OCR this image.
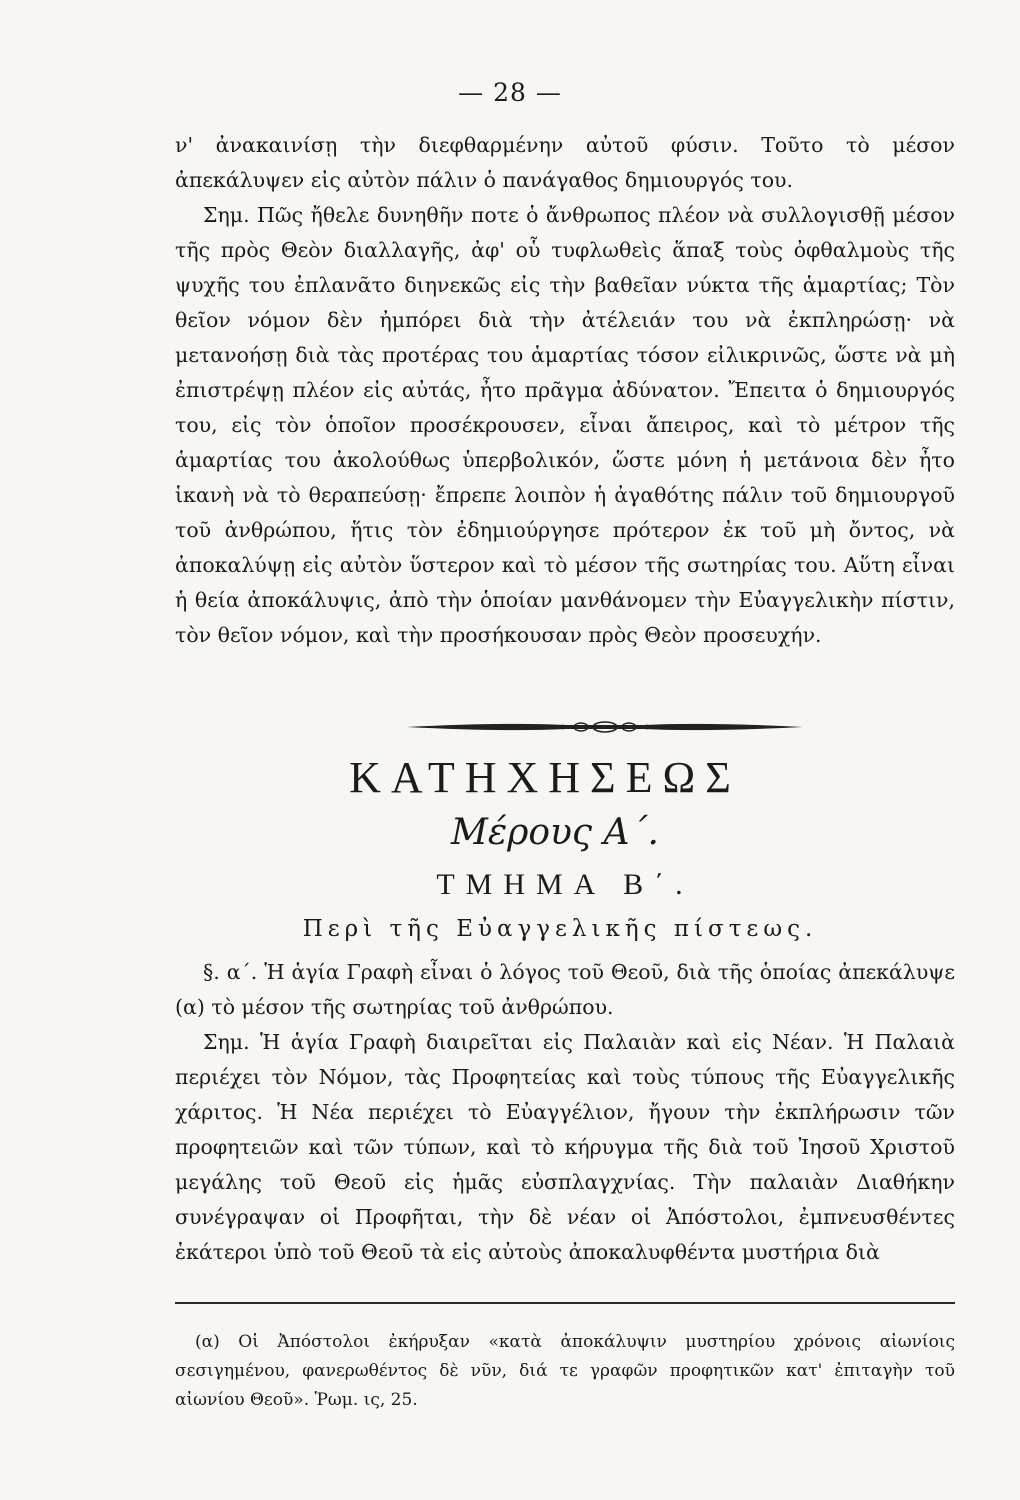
— 28 —

ν' ἀνακαινίσῃ τὴν διεφθαρμένην αὐτοῦ φύσιν. Τοῦτο τὸ μέσον ἀπεκάλυψεν εἰς αὐτὸν πάλιν ὁ πανάγαθος δημιουργός του.

Σημ. Πῶς ἤθελε δυνηθῆν ποτε ὁ ἄνθρωπος πλέον νὰ συλλογισθῇ μέσον τῆς πρὸς Θεὸν διαλλαγῆς, ἀφ' οὗ τυφλωθεὶς ἅπαξ τοὺς ὀφθαλμοὺς τῆς ψυχῆς του ἐπλανᾶτο διηνεκῶς εἰς τὴν βαθεῖαν νύκτα τῆς ἁμαρτίας; Τὸν θεῖον νόμον δὲν ἠμπόρει διὰ τὴν ἀτέλειάν του νὰ ἐκπληρώσῃ· νὰ μετανοήσῃ διὰ τὰς προτέρας του ἁμαρτίας τόσον εἰλικρινῶς, ὥστε νὰ μὴ ἐπιστρέψῃ πλέον εἰς αὐτάς, ἦτο πρᾶγμα ἀδύνατον. Ἔπειτα ὁ δημιουργός του, εἰς τὸν ὁποῖον προσέκρουσεν, εἶναι ἄπειρος, καὶ τὸ μέτρον τῆς ἁμαρτίας του ἀκολούθως ὑπερβολικόν, ὥστε μόνη ἡ μετάνοια δὲν ἦτο ἱκανὴ νὰ τὸ θεραπεύσῃ· ἔπρεπε λοιπὸν ἡ ἀγαθότης πάλιν τοῦ δημιουργοῦ τοῦ ἀνθρώπου, ἥτις τὸν ἐδημιούργησε πρότερον ἐκ τοῦ μὴ ὄντος, νὰ ἀποκαλύψῃ εἰς αὐτὸν ὕστερον καὶ τὸ μέσον τῆς σωτηρίας του. Αὕτη εἶναι ἡ θεία ἀποκάλυψις, ἀπὸ τὴν ὁποίαν μανθάνομεν τὴν Εὐαγγελικὴν πίστιν, τὸν θεῖον νόμον, καὶ τὴν προσήκουσαν πρὸς Θεὸν προσευχήν.

ΚΑΤΗΧΗΣΕΩΣ
Μέρους Α΄.
ΤΜΗΜΑ Β΄.
Περὶ τῆς Εὐαγγελικῆς πίστεως.

§. α΄. Ἡ ἁγία Γραφὴ εἶναι ὁ λόγος τοῦ Θεοῦ, διὰ τῆς ὁποίας ἀπεκάλυψε (α) τὸ μέσον τῆς σωτηρίας τοῦ ἀνθρώπου.

Σημ. Ἡ ἁγία Γραφὴ διαιρεῖται εἰς Παλαιὰν καὶ εἰς Νέαν. Ἡ Παλαιὰ περιέχει τὸν Νόμον, τὰς Προφητείας καὶ τοὺς τύπους τῆς Εὐαγγελικῆς χάριτος. Ἡ Νέα περιέχει τὸ Εὐαγγέλιον, ἤγουν τὴν ἐκπλήρωσιν τῶν προφητειῶν καὶ τῶν τύπων, καὶ τὸ κήρυγμα τῆς διὰ τοῦ Ἰησοῦ Χριστοῦ μεγάλης τοῦ Θεοῦ εἰς ἡμᾶς εὐσπλαγχνίας. Τὴν παλαιὰν Διαθήκην συνέγραψαν οἱ Προφῆται, τὴν δὲ νέαν οἱ Ἀπόστολοι, ἐμπνευσθέντες ἑκάτεροι ὑπὸ τοῦ Θεοῦ τὰ εἰς αὐτοὺς ἀποκαλυφθέντα μυστήρια διὰ

(α) Οἱ Ἀπόστολοι ἐκήρυξαν «κατὰ ἀποκάλυψιν μυστηρίου χρόνοις αἰωνίοις σεσιγημένου, φανερωθέντος δὲ νῦν, διά τε γραφῶν προφητικῶν κατ' ἐπιταγὴν τοῦ αἰωνίου Θεοῦ». Ῥωμ. ις, 25.
